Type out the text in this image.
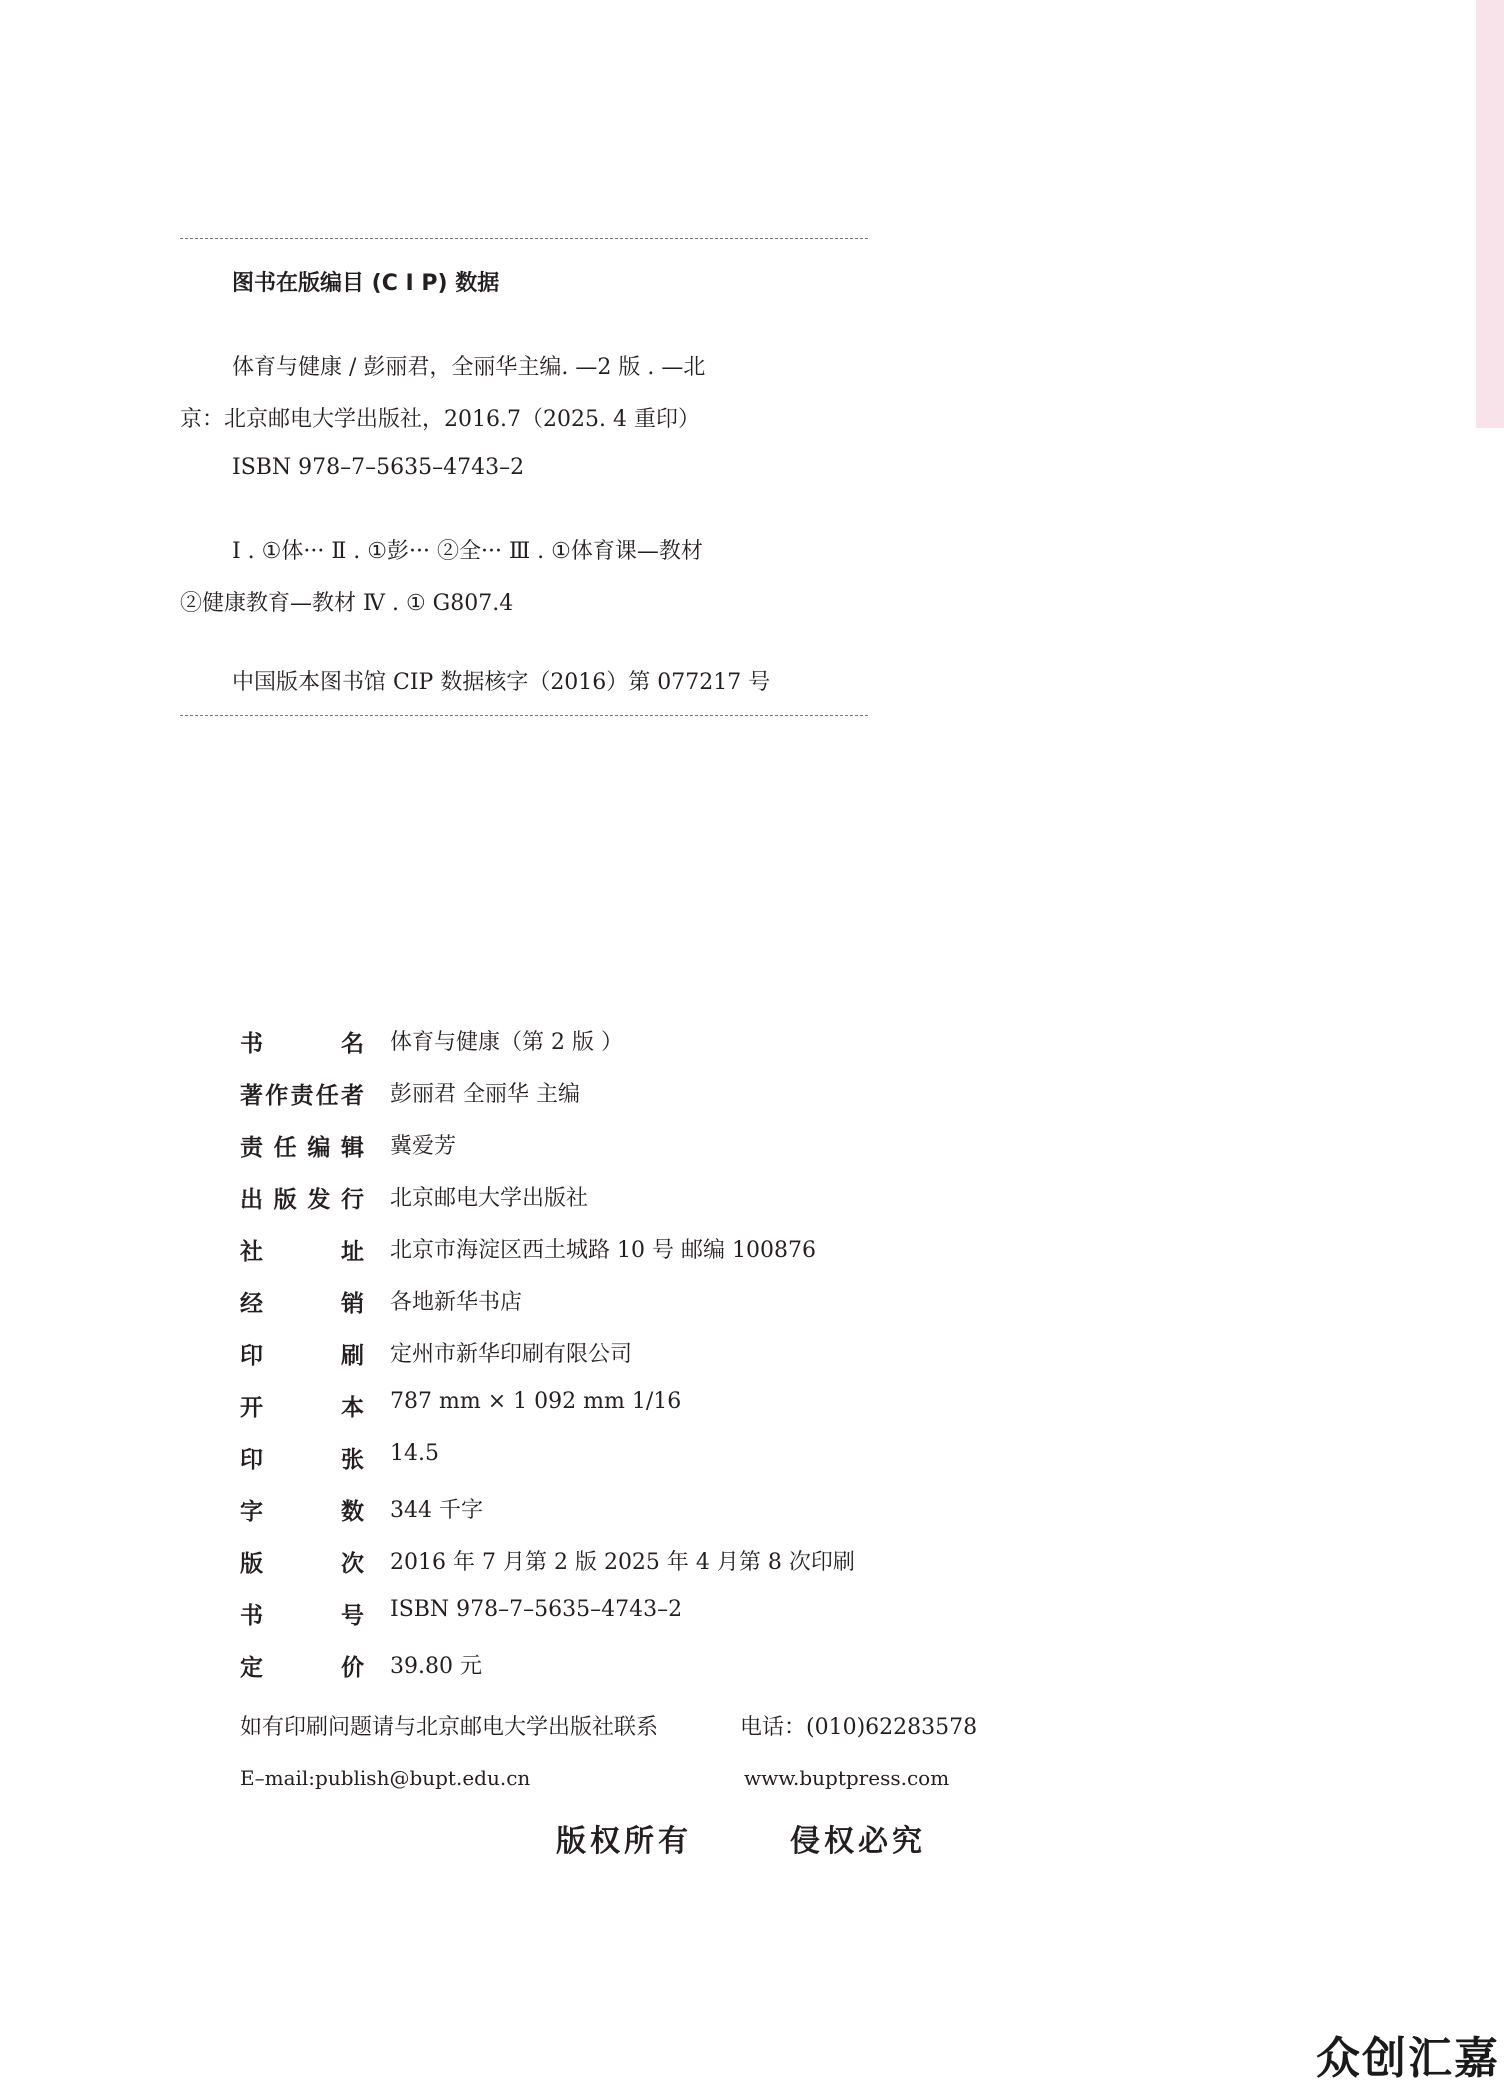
图书在版编目 (C I P) 数据
体育与健康 / 彭丽君，全丽华主编. —2 版 . —北
京：北京邮电大学出版社，2016.7（2025. 4 重印）
ISBN 978–7–5635–4743–2
Ⅰ . ①体··· Ⅱ . ①彭··· ②全··· Ⅲ . ①体育课—教材
②健康教育—教材 Ⅳ . ① G807.4
中国版本图书馆 CIP 数据核字（2016）第 077217 号
书名 体育与健康（第 2 版 ）
著作责任者 彭丽君 全丽华 主编
责任编辑 冀爱芳
出版发行 北京邮电大学出版社
社址 北京市海淀区西土城路 10 号 邮编 100876
经销 各地新华书店
印刷 定州市新华印刷有限公司
开本 787 mm × 1 092 mm 1/16
印张 14.5
字数 344 千字
版次 2016 年 7 月第 2 版 2025 年 4 月第 8 次印刷
书号 ISBN 978–7–5635–4743–2
定价 39.80 元
如有印刷问题请与北京邮电大学出版社联系	电话：(010)62283578
E–mail:publish@bupt.edu.cn	www.buptpress.com
版权所有	侵权必究
众创汇嘉
